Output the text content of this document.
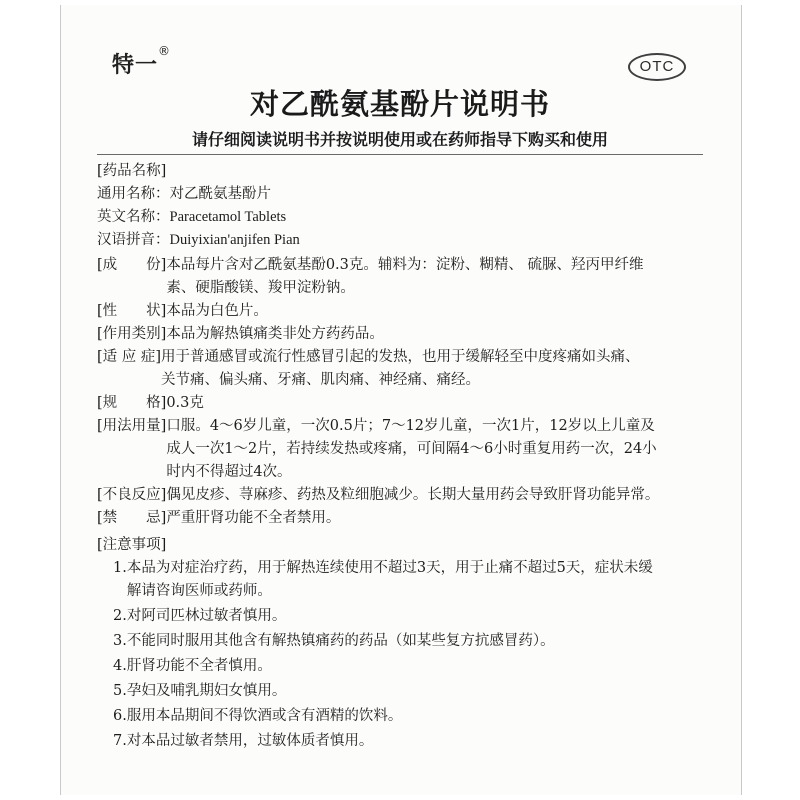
特一®
OTC
对乙酰氨基酚片说明书
请仔细阅读说明书并按说明使用或在药师指导下购买和使用
[药品名称]
通用名称： 对乙酰氨基酚片
英文名称： Paracetamol Tablets
汉语拼音： Duiyixian'anjifen Pian
[成　　份] 本品每片含对乙酰氨基酚0.3克。辅料为：淀粉、糊精、 硫脲、羟丙甲纤维
素、硬脂酸镁、羧甲淀粉钠。
[性　　状] 本品为白色片。
[作用类别] 本品为解热镇痛类非处方药药品。
[适 应 症] 用于普通感冒或流行性感冒引起的发热，也用于缓解轻至中度疼痛如头痛、
关节痛、偏头痛、牙痛、肌肉痛、神经痛、痛经。
[规　　格] 0.3克
[用法用量] 口服。4～6岁儿童，一次0.5片；7～12岁儿童，一次1片，12岁以上儿童及
成人一次1～2片，若持续发热或疼痛，可间隔4～6小时重复用药一次，24小
时内不得超过4次。
[不良反应] 偶见皮疹、荨麻疹、药热及粒细胞减少。长期大量用药会导致肝肾功能异常。
[禁　　忌] 严重肝肾功能不全者禁用。
[注意事项]
1. 本品为对症治疗药，用于解热连续使用不超过3天，用于止痛不超过5天，症状未缓
解请咨询医师或药师。
2. 对阿司匹林过敏者慎用。
3. 不能同时服用其他含有解热镇痛药的药品（如某些复方抗感冒药）。
4. 肝肾功能不全者慎用。
5. 孕妇及哺乳期妇女慎用。
6. 服用本品期间不得饮酒或含有酒精的饮料。
7. 对本品过敏者禁用，过敏体质者慎用。
